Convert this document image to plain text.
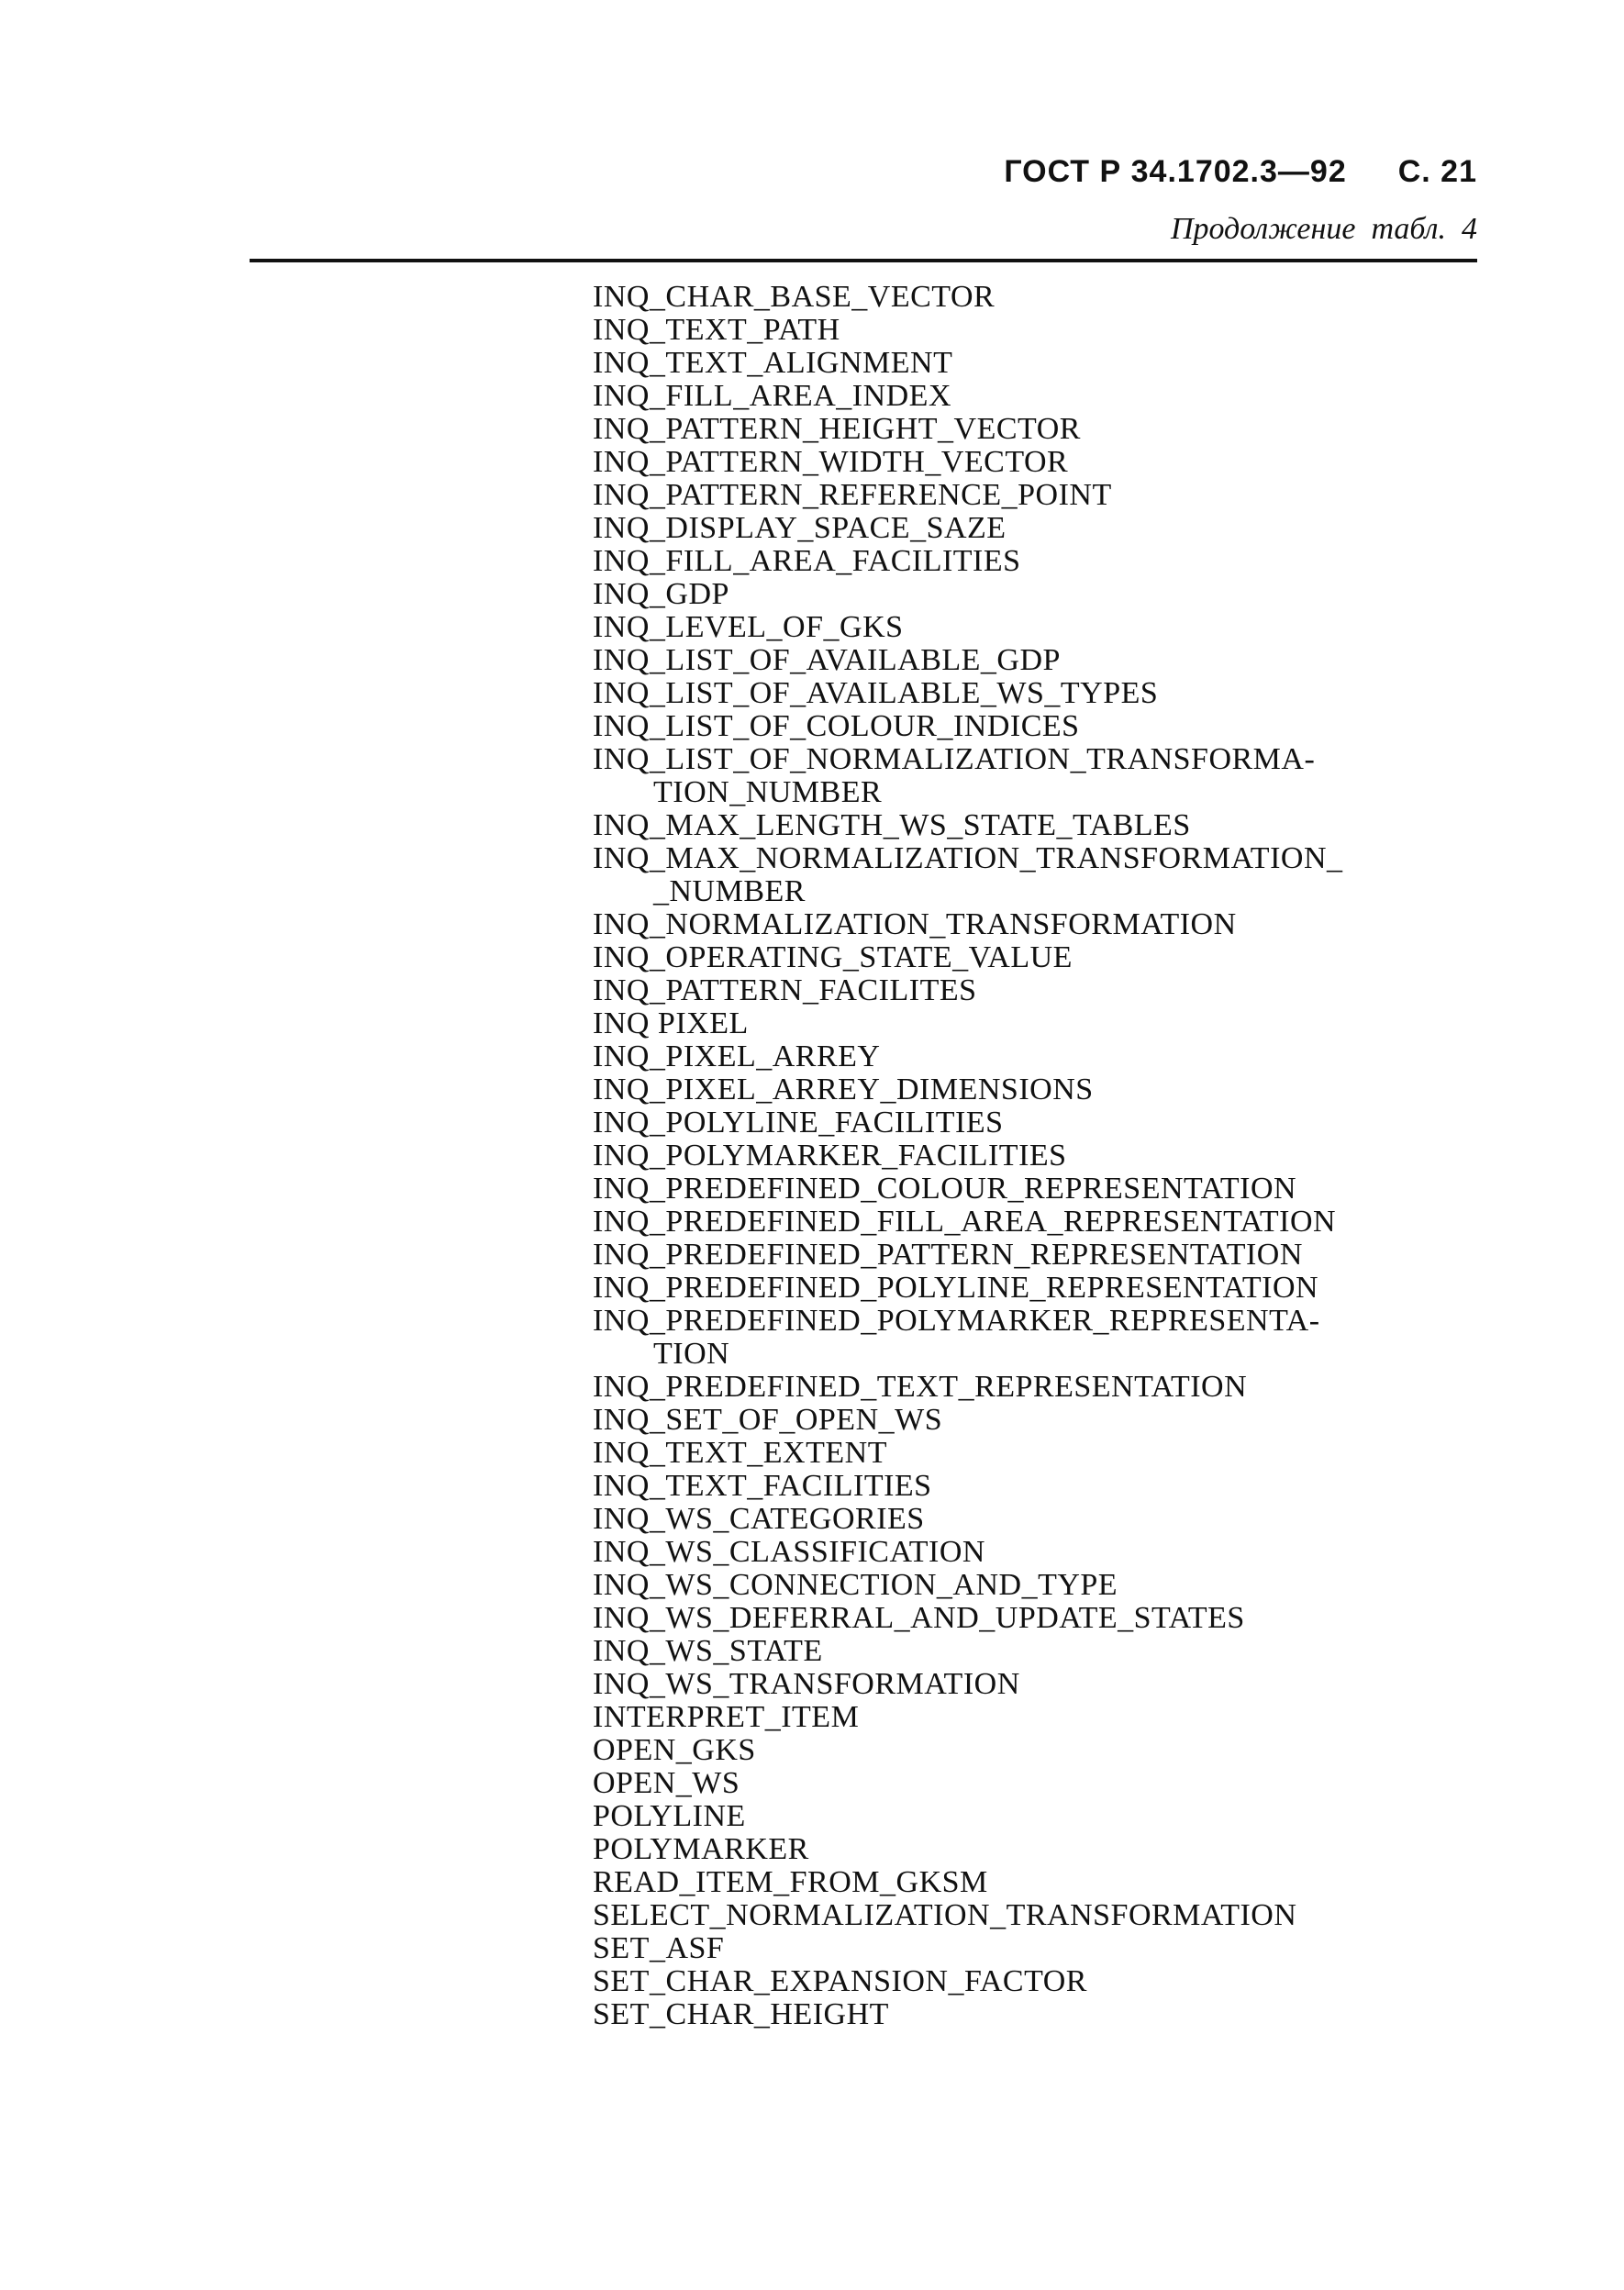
ГОСТ Р 34.1702.3—92 С. 21
Продолжение  табл.  4
INQ_CHAR_BASE_VECTOR
INQ_TEXT_PATH
INQ_TEXT_ALIGNMENT
INQ_FILL_AREA_INDEX
INQ_PATTERN_HEIGHT_VECTOR
INQ_PATTERN_WIDTH_VECTOR
INQ_PATTERN_REFERENCE_POINT
INQ_DISPLAY_SPACE_SAZE
INQ_FILL_AREA_FACILITIES
INQ_GDP
INQ_LEVEL_OF_GKS
INQ_LIST_OF_AVAILABLE_GDP
INQ_LIST_OF_AVAILABLE_WS_TYPES
INQ_LIST_OF_COLOUR_INDICES
INQ_LIST_OF_NORMALIZATION_TRANSFORMA-
TION_NUMBER
INQ_MAX_LENGTH_WS_STATE_TABLES
INQ_MAX_NORMALIZATION_TRANSFORMATION_
_NUMBER
INQ_NORMALIZATION_TRANSFORMATION
INQ_OPERATING_STATE_VALUE
INQ_PATTERN_FACILITES
INQ PIXEL
INQ_PIXEL_ARREY
INQ_PIXEL_ARREY_DIMENSIONS
INQ_POLYLINE_FACILITIES
INQ_POLYMARKER_FACILITIES
INQ_PREDEFINED_COLOUR_REPRESENTATION
INQ_PREDEFINED_FILL_AREA_REPRESENTATION
INQ_PREDEFINED_PATTERN_REPRESENTATION
INQ_PREDEFINED_POLYLINE_REPRESENTATION
INQ_PREDEFINED_POLYMARKER_REPRESENTA-
TION
INQ_PREDEFINED_TEXT_REPRESENTATION
INQ_SET_OF_OPEN_WS
INQ_TEXT_EXTENT
INQ_TEXT_FACILITIES
INQ_WS_CATEGORIES
INQ_WS_CLASSIFICATION
INQ_WS_CONNECTION_AND_TYPE
INQ_WS_DEFERRAL_AND_UPDATE_STATES
INQ_WS_STATE
INQ_WS_TRANSFORMATION
INTERPRET_ITEM
OPEN_GKS
OPEN_WS
POLYLINE
POLYMARKER
READ_ITEM_FROM_GKSM
SELECT_NORMALIZATION_TRANSFORMATION
SET_ASF
SET_CHAR_EXPANSION_FACTOR
SET_CHAR_HEIGHT
